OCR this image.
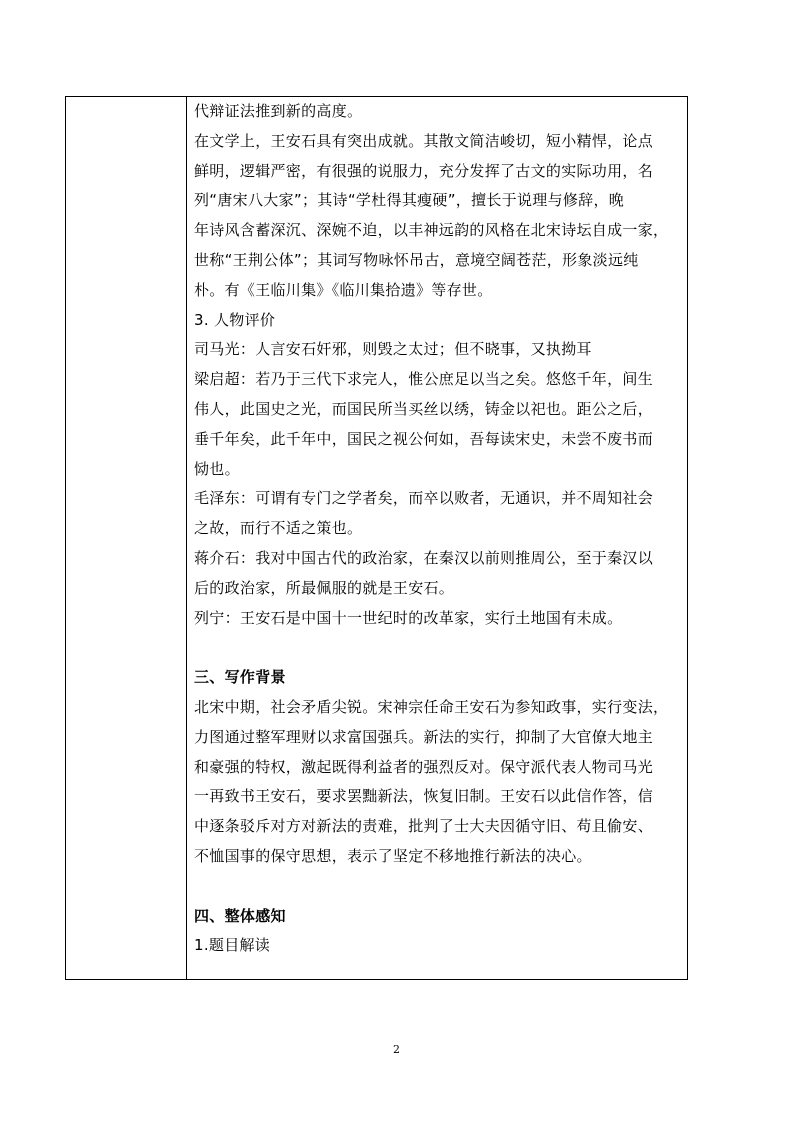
代辩证法推到新的高度。
在文学上，王安石具有突出成就。其散文简洁峻切，短小精悍，论点
鲜明，逻辑严密，有很强的说服力，充分发挥了古文的实际功用，名
列“唐宋八大家”；其诗“学杜得其瘦硬”，擅长于说理与修辞，晚
年诗风含蓄深沉、深婉不迫，以丰神远韵的风格在北宋诗坛自成一家，
世称“王荆公体”；其词写物咏怀吊古，意境空阔苍茫，形象淡远纯
朴。有《王临川集》《临川集拾遗》等存世。
3. 人物评价
司马光：人言安石奸邪，则毁之太过；但不晓事，又执拗耳
梁启超：若乃于三代下求完人，惟公庶足以当之矣。悠悠千年，间生
伟人，此国史之光，而国民所当买丝以绣，铸金以祀也。距公之后，
垂千年矣，此千年中，国民之视公何如，吾每读宋史，未尝不废书而
恸也。
毛泽东：可谓有专门之学者矣，而卒以败者，无通识，并不周知社会
之故，而行不适之策也。
蒋介石：我对中国古代的政治家，在秦汉以前则推周公，至于秦汉以
后的政治家，所最佩服的就是王安石。
列宁：王安石是中国十一世纪时的改革家，实行土地国有未成。
三、写作背景
北宋中期，社会矛盾尖锐。宋神宗任命王安石为参知政事，实行变法，
力图通过整军理财以求富国强兵。新法的实行，抑制了大官僚大地主
和豪强的特权，激起既得利益者的强烈反对。保守派代表人物司马光
一再致书王安石，要求罢黜新法，恢复旧制。王安石以此信作答，信
中逐条驳斥对方对新法的责难，批判了士大夫因循守旧、苟且偷安、
不恤国事的保守思想，表示了坚定不移地推行新法的决心。
四、整体感知
1.题目解读
2
